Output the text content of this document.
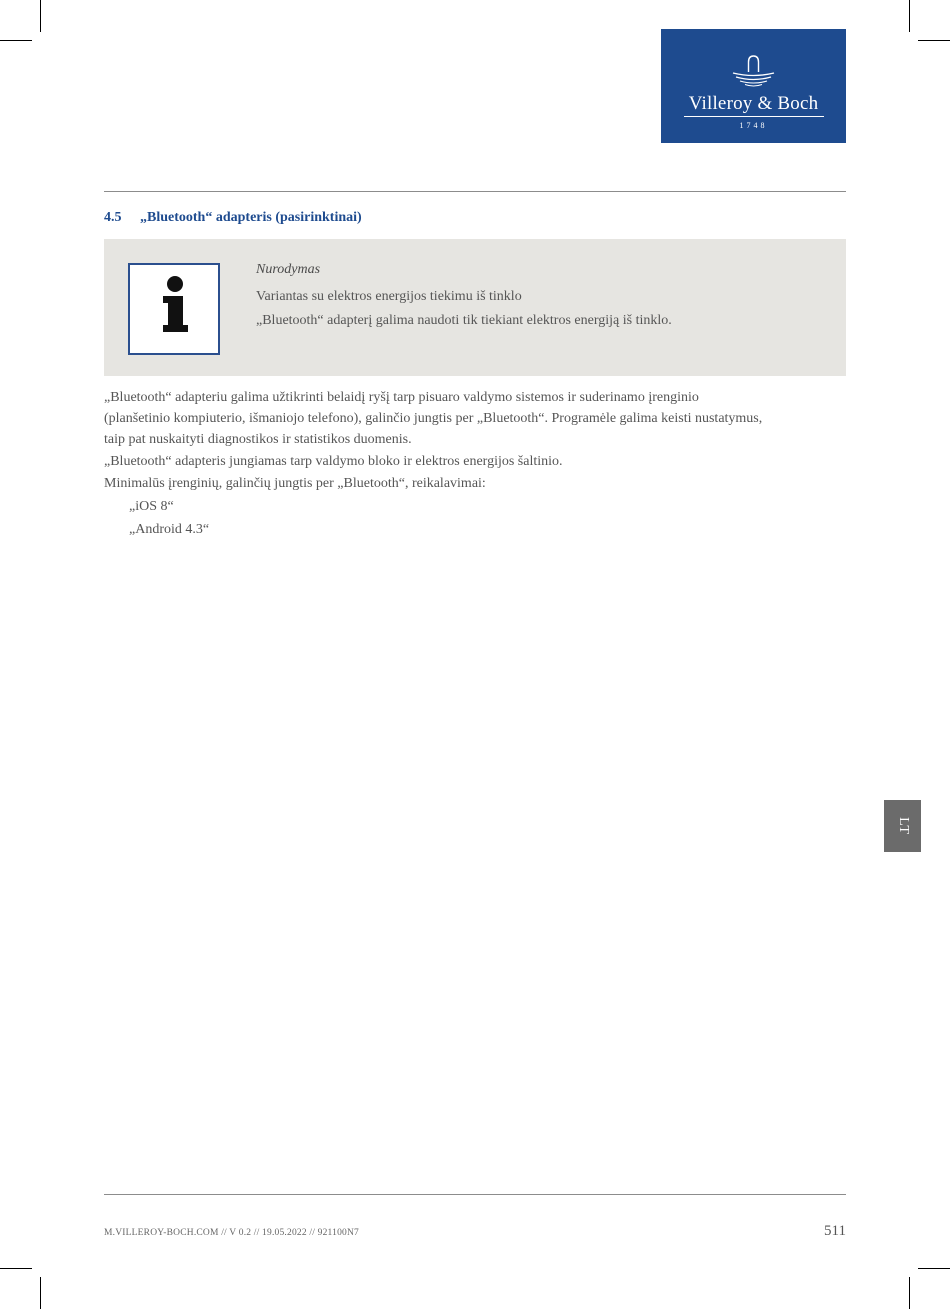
Villeroy & Boch
1748
4.5 „Bluetooth“ adapteris (pasirinktinai)
Nurodymas
Variantas su elektros energijos tiekimu iš tinklo
„Bluetooth“ adapterį galima naudoti tik tiekiant elektros energiją iš tinklo.
„Bluetooth“ adapteriu galima užtikrinti belaidį ryšį tarp pisuaro valdymo sistemos ir suderinamo įrenginio
(planšetinio kompiuterio, išmaniojo telefono), galinčio jungtis per „Bluetooth“. Programėle galima keisti nustatymus,
taip pat nuskaityti diagnostikos ir statistikos duomenis.
„Bluetooth“ adapteris jungiamas tarp valdymo bloko ir elektros energijos šaltinio.
Minimalūs įrenginių, galinčių jungtis per „Bluetooth“, reikalavimai:
„iOS 8“
„Android 4.3“
LT
M.VILLEROY-BOCH.COM // V 0.2 // 19.05.2022 // 921100N7	511
